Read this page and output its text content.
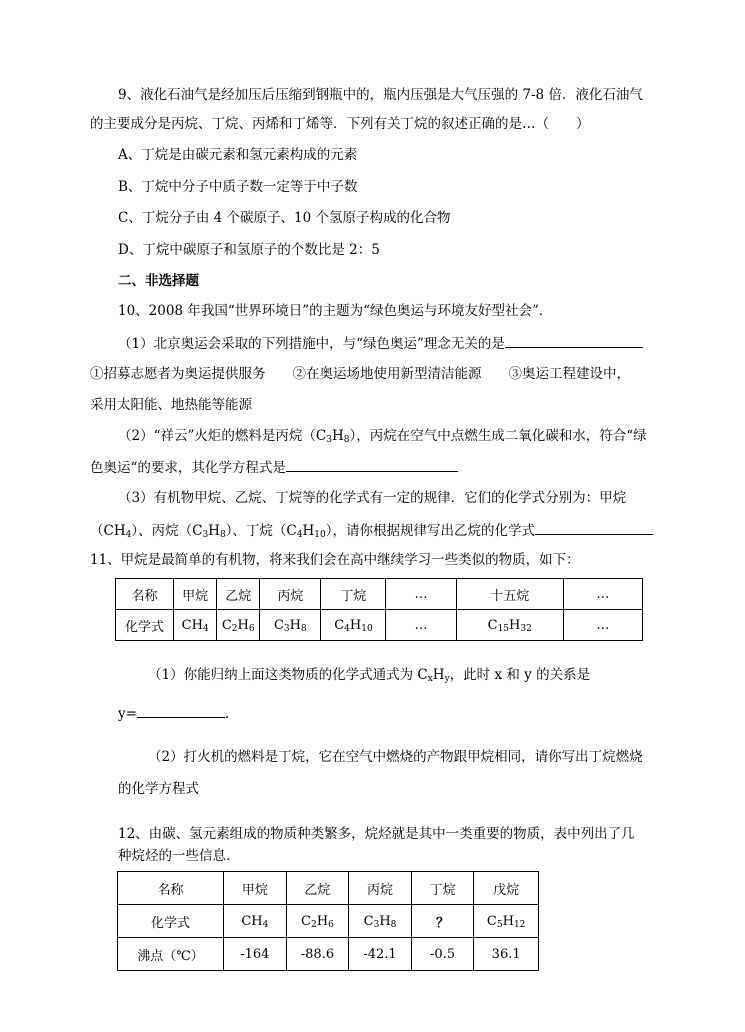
9、液化石油气是经加压后压缩到钢瓶中的，瓶内压强是大气压强的 7-8 倍．液化石油气
的主要成分是丙烷、丁烷、丙烯和丁烯等．下列有关丁烷的叙述正确的是…（　　）
A、丁烷是由碳元素和氢元素构成的元素
B、丁烷中分子中质子数一定等于中子数
C、丁烷分子由 4 个碳原子、10 个氢原子构成的化合物
D、丁烷中碳原子和氢原子的个数比是 2：5
二、非选择题
10、2008 年我国“世界环境日”的主题为“绿色奥运与环境友好型社会”．
（1）北京奥运会采取的下列措施中，与“绿色奥运”理念无关的是
①招募志愿者为奥运提供服务　　②在奥运场地使用新型清洁能源　　③奥运工程建设中，
采用太阳能、地热能等能源
（2）“祥云”火炬的燃料是丙烷$(C_3H_8)$，丙烷在空气中点燃生成二氧化碳和水，符合“绿
色奥运“的要求，其化学方程式是
（3）有机物甲烷、乙烷、丁烷等的化学式有一定的规律．它们的化学式分别为：甲烷
$(CH_4)$、丙烷$(C_3H_8)$、丁烷$(C_4H_{10})$，请你根据规律写出乙烷的化学式
11、甲烷是最简单的有机物，将来我们会在高中继续学习一些类似的物质，如下：
名称	甲烷	乙烷	丙烷	丁烷	…	十五烷	…
化学式	$CH_4$	$C_2H_6$	$C_3H_8$	$C_4H_{10}$	…	$C_{15}H_{32}$	…
（1）你能归纳上面这类物质的化学式通式为 $C_xH_y$，此时 x 和 y 的关系是
y=	．
（2）打火机的燃料是丁烷，它在空气中燃烧的产物跟甲烷相同，请你写出丁烷燃烧
的化学方程式
12、由碳、氢元素组成的物质种类繁多，烷烃就是其中一类重要的物质，表中列出了几
种烷烃的一些信息．
名称	甲烷	乙烷	丙烷	丁烷	戊烷
化学式	$CH_4$	$C_2H_6$	$C_3H_8$	？	$C_5H_{12}$
沸点（℃）	-164	-88.6	-42.1	-0.5	36.1
